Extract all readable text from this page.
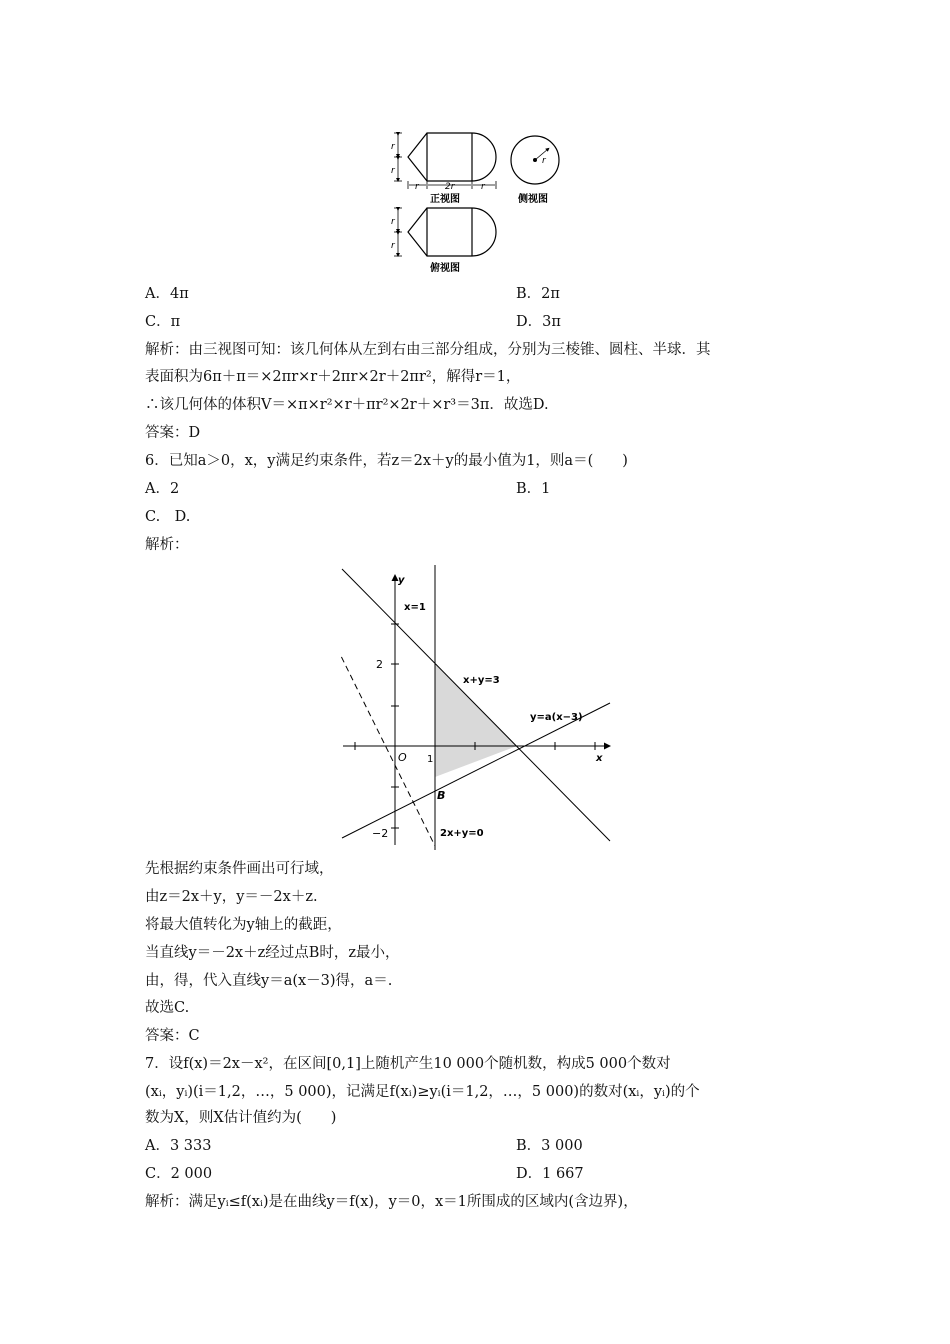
r
r
r	2r	r
正视图
r
侧视图
r
r
俯视图
A．4π	B．2π
C．π	D．3π
解析：由三视图可知：该几何体从左到右由三部分组成，分别为三棱锥、圆柱、半球．其
表面积为6π＋π＝×2πr×r＋2πr×2r＋2πr²，解得r＝1，
∴该几何体的体积V＝×π×r²×r＋πr²×2r＋×r³＝3π．故选D.
答案：D
6．已知a＞0，x，y满足约束条件，若z＝2x＋y的最小值为1，则a＝(　　)
A．2	B．1
C.　D.
解析：
y
x
x=1
2
O 1
−2
x+y=3
y=a(x−3)
B
2x+y=0
先根据约束条件画出可行域，
由z＝2x＋y，y＝－2x＋z.
将最大值转化为y轴上的截距，
当直线y＝－2x＋z经过点B时，z最小，
由，得，代入直线y＝a(x－3)得，a＝.
故选C.
答案：C
7．设f(x)＝2x－x²，在区间[0,1]上随机产生10 000个随机数，构成5 000个数对
(xᵢ，yᵢ)(i＝1,2，…，5 000)，记满足f(xᵢ)≥yᵢ(i＝1,2，…，5 000)的数对(xᵢ，yᵢ)的个
数为X，则X估计值约为(　　)
A．3 333	B．3 000
C．2 000	D．1 667
解析：满足yᵢ≤f(xᵢ)是在曲线y＝f(x)，y＝0，x＝1所围成的区域内(含边界)，
